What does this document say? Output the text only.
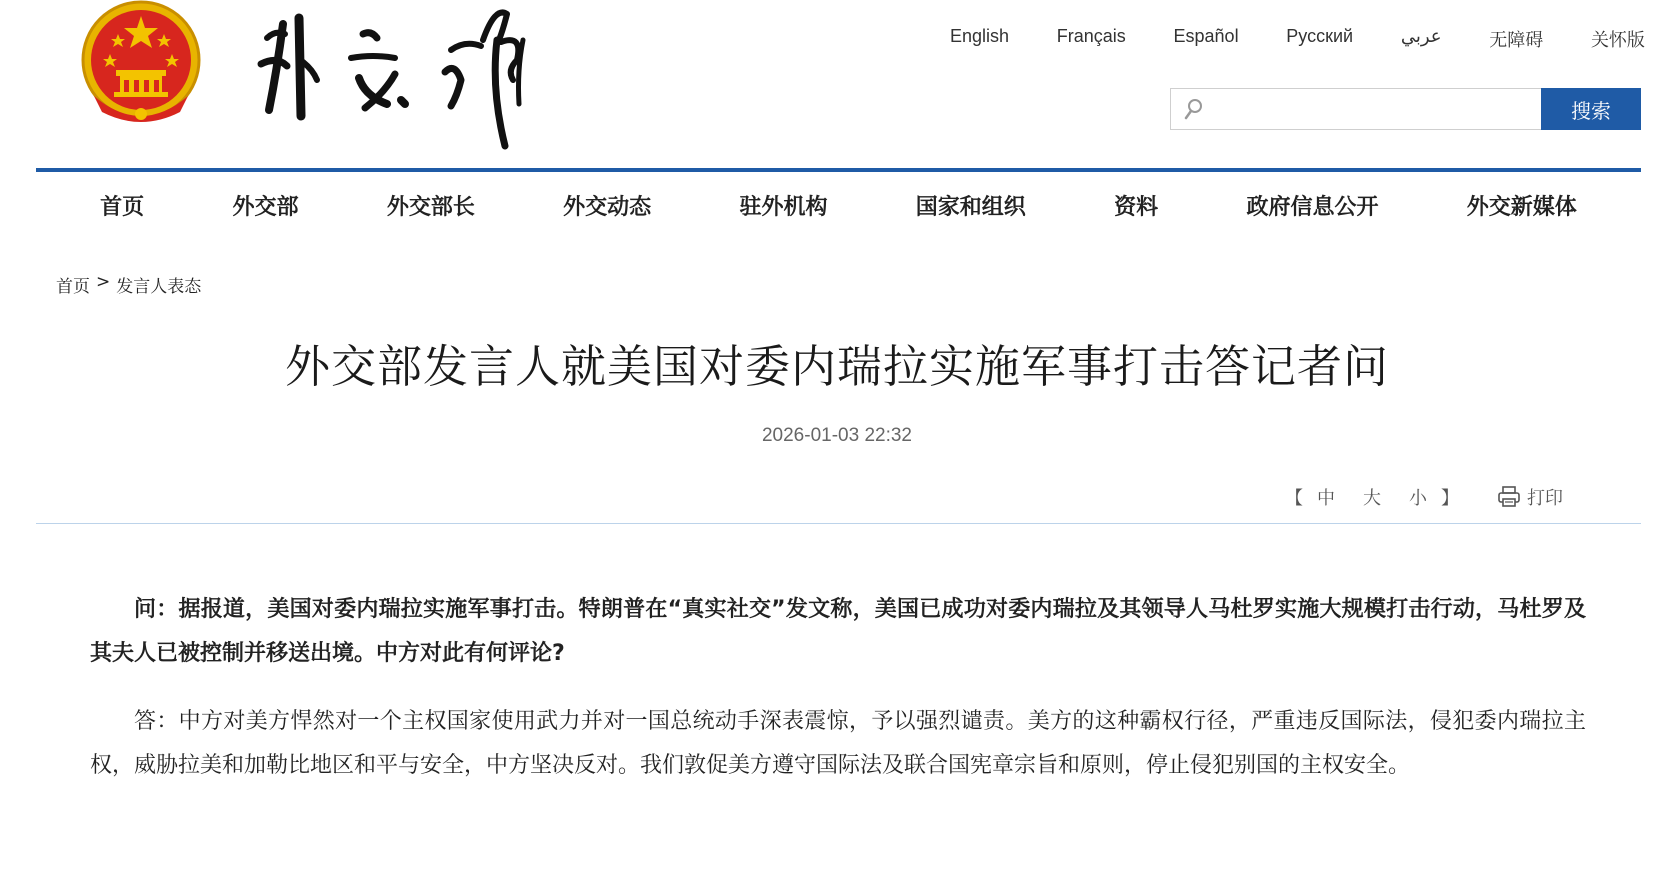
English	Français	Español	Русский	عربي	无障碍	关怀版
搜索
首页	外交部	外交部长	外交动态	驻外机构	国家和组织	资料	政府信息公开	外交新媒体
首页 > 发言人表态
外交部发言人就美国对委内瑞拉实施军事打击答记者问
2026-01-03 22:32
【 中 大 小 】	打印

问：据报道，美国对委内瑞拉实施军事打击。特朗普在“真实社交”发文称，美国已成功对委内瑞拉及其领导人马杜罗实施大规模打击行动，马杜罗及其夫人已被控制并移送出境。中方对此有何评论?

答：中方对美方悍然对一个主权国家使用武力并对一国总统动手深表震惊，予以强烈谴责。美方的这种霸权行径，严重违反国际法，侵犯委内瑞拉主权，威胁拉美和加勒比地区和平与安全，中方坚决反对。我们敦促美方遵守国际法及联合国宪章宗旨和原则，停止侵犯别国的主权安全。
